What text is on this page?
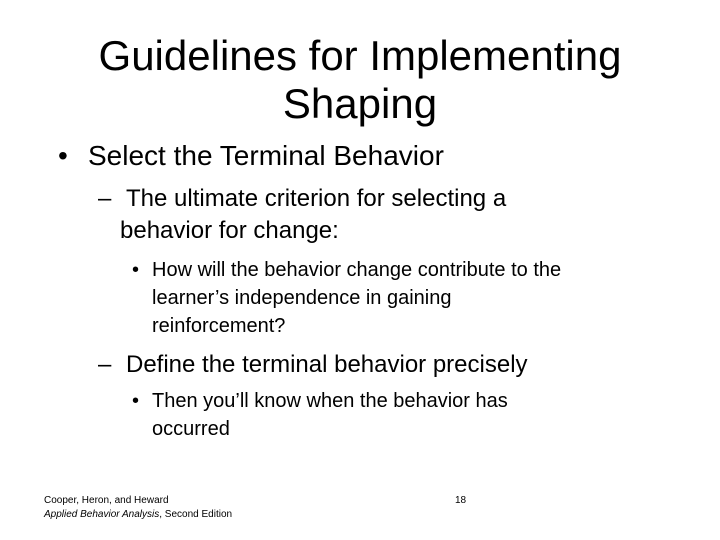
Guidelines for Implementing
Shaping
• Select the Terminal Behavior
– The ultimate criterion for selecting a
behavior for change:
• How will the behavior change contribute to the
learner’s independence in gaining
reinforcement?
– Define the terminal behavior precisely
• Then you’ll know when the behavior has
occurred
Cooper, Heron, and Heward
Applied Behavior Analysis, Second Edition
18
